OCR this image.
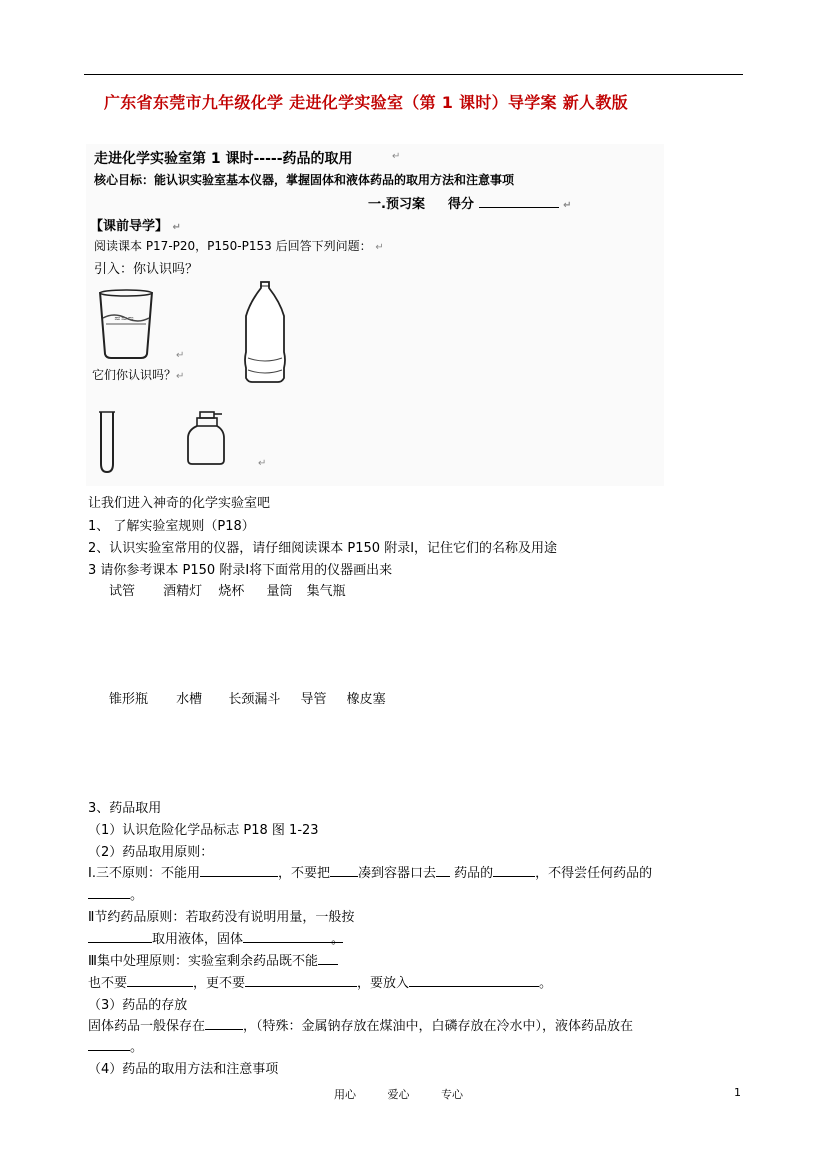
广东省东莞市九年级化学 走进化学实验室（第 1 课时）导学案 新人教版
走进化学实验室第 1 课时-----药品的取用	↵
核心目标：能认识实验室基本仪器，掌握固体和液体药品的取用方法和注意事项
一.预习案 得分	↵
【课前导学】 ↵
阅读课本 P17-P20，P150-P153 后回答下列问题： ↵
引入：你认识吗？
≈≈≈
↵
它们你认识吗？↵
↵
让我们进入神奇的化学实验室吧
1、 了解实验室规则（P18）
2、认识实验室常用的仪器，请仔细阅读课本 P150 附录Ⅰ，记住它们的名称及用途
3 请你参考课本 P150 附录Ⅰ将下面常用的仪器画出来
试管 酒精灯 烧杯 量筒 集气瓶
锥形瓶 水槽 长颈漏斗 导管 橡皮塞
3、药品取用
（1）认识危险化学品标志 P18 图 1-23
（2）药品取用原则：
Ⅰ.三不原则：不能用	，不要把 凑到容器口去 药品的	，不得尝任何药品的
。
Ⅱ节约药品原则：若取药没有说明用量，一般按
取用液体，固体	。
Ⅲ集中处理原则：实验室剩余药品既不能
也不要	，更不要	，要放入	。
（3）药品的存放
固体药品一般保存在	，（特殊：金属钠存放在煤油中，白磷存放在冷水中），液体药品放在
。
（4）药品的取用方法和注意事项
用心	爱心	专心	1
